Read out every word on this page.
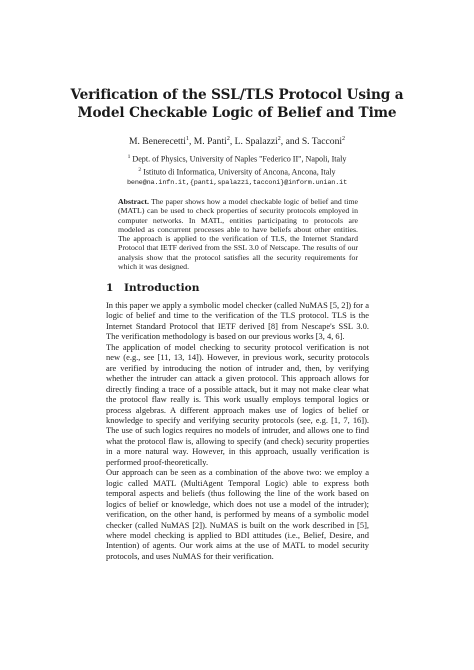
Verification of the SSL/TLS Protocol Using a
Model Checkable Logic of Belief and Time
M. Benerecetti$^1$, M. Panti$^2$, L. Spalazzi$^2$, and S. Tacconi$^2$
$^1$ Dept. of Physics, University of Naples "Federico II", Napoli, Italy
$^2$ Istituto di Informatica, University of Ancona, Ancona, Italy
bene@na.infn.it,{panti,spalazzi,tacconi}@inform.unian.it
Abstract. The paper shows how a model checkable logic of belief and time (MATL) can be used to check properties of security protocols employed in computer networks. In MATL, entities participating to protocols are modeled as concurrent processes able to have beliefs about other entities. The approach is applied to the verification of TLS, the Internet Standard Protocol that IETF derived from the SSL 3.0 of Netscape. The results of our analysis show that the protocol satisfies all the security requirements for which it was designed.
1 Introduction

In this paper we apply a symbolic model checker (called NuMAS [5, 2]) for a logic of belief and time to the verification of the TLS protocol. TLS is the Internet Standard Protocol that IETF derived [8] from Nescape's SSL 3.0. The verification methodology is based on our previous works [3, 4, 6].

The application of model checking to security protocol verification is not new (e.g., see [11, 13, 14]). However, in previous work, security protocols are verified by introducing the notion of intruder and, then, by verifying whether the intruder can attack a given protocol. This approach allows for directly finding a trace of a possible attack, but it may not make clear what the protocol flaw really is. This work usually employs temporal logics or process algebras. A different approach makes use of logics of belief or knowledge to specify and verifying security protocols (see, e.g. [1, 7, 16]). The use of such logics requires no models of intruder, and allows one to find what the protocol flaw is, allowing to specify (and check) security properties in a more natural way. However, in this approach, usually verification is performed proof-theoretically.

Our approach can be seen as a combination of the above two: we employ a logic called MATL (MultiAgent Temporal Logic) able to express both temporal aspects and beliefs (thus following the line of the work based on logics of belief or knowledge, which does not use a model of the intruder); verification, on the other hand, is performed by means of a symbolic model checker (called NuMAS [2]). NuMAS is built on the work described in [5], where model checking is applied to BDI attitudes (i.e., Belief, Desire, and Intention) of agents. Our work aims at the use of MATL to model security protocols, and uses NuMAS for their verification.
